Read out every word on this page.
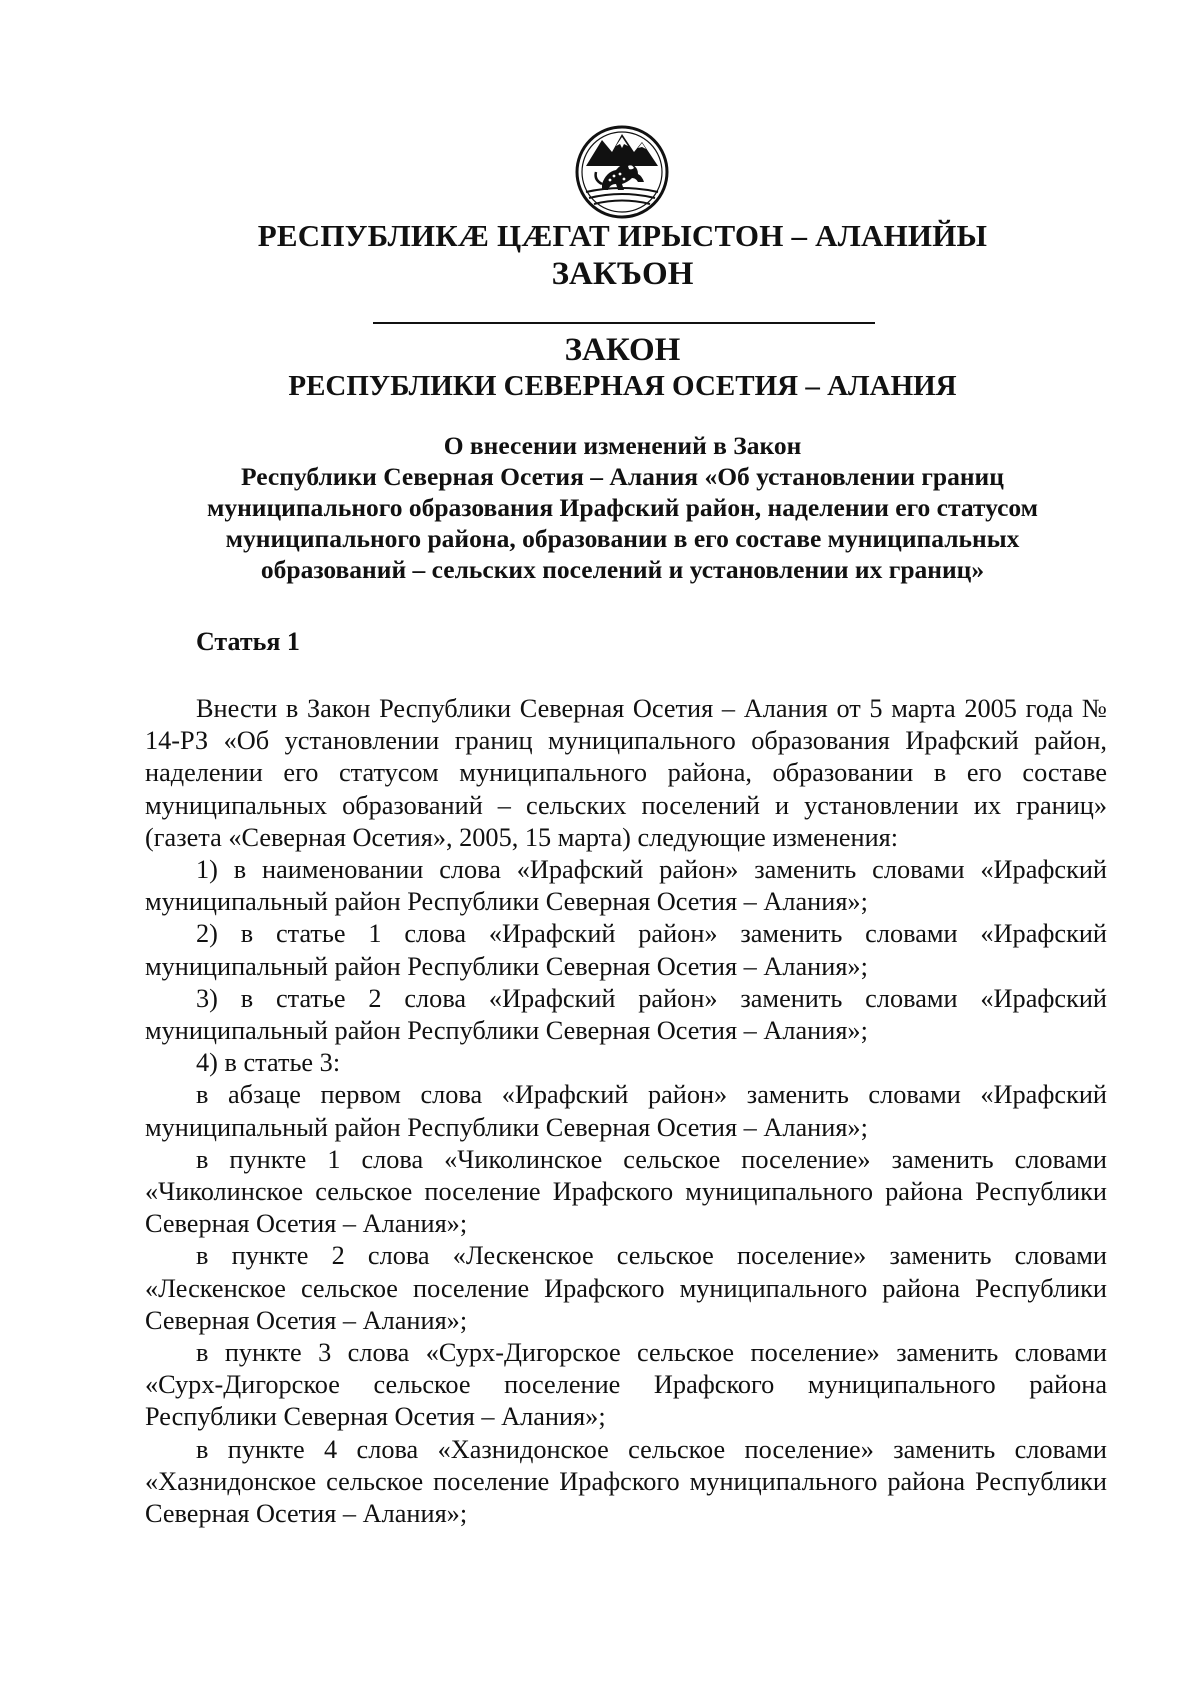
РЕСПУБЛИКӔ ЦӔГАТ ИРЫСТОН – АЛАНИЙЫ
ЗАКЪОН
ЗАКОН
РЕСПУБЛИКИ СЕВЕРНАЯ ОСЕТИЯ – АЛАНИЯ
О внесении изменений в Закон
Республики Северная Осетия – Алания «Об установлении границ
муниципального образования Ирафский район, наделении его статусом
муниципального района, образовании в его составе муниципальных
образований – сельских поселений и установлении их границ»
Статья 1

Внести в Закон Республики Северная Осетия – Алания от 5 марта 2005 года № 14-РЗ «Об установлении границ муниципального образования Ирафский район, наделении его статусом муниципального района, образовании в его составе муниципальных образований – сельских поселений и установлении их границ» (газета «Северная Осетия», 2005, 15 марта) следующие изменения:

1) в наименовании слова «Ирафский район» заменить словами «Ирафский муниципальный район Республики Северная Осетия – Алания»;

2) в статье 1 слова «Ирафский район» заменить словами «Ирафский муниципальный район Республики Северная Осетия – Алания»;

3) в статье 2 слова «Ирафский район» заменить словами «Ирафский муниципальный район Республики Северная Осетия – Алания»;

4) в статье 3:

в абзаце первом слова «Ирафский район» заменить словами «Ирафский муниципальный район Республики Северная Осетия – Алания»;

в пункте 1 слова «Чиколинское сельское поселение» заменить словами «Чиколинское сельское поселение Ирафского муниципального района Республики Северная Осетия – Алания»;

в пункте 2 слова «Лескенское сельское поселение» заменить словами «Лескенское сельское поселение Ирафского муниципального района Республики Северная Осетия – Алания»;

в пункте 3 слова «Сурх-Дигорское сельское поселение» заменить словами «Сурх-Дигорское сельское поселение Ирафского муниципального района Республики Северная Осетия – Алания»;

в пункте 4 слова «Хазнидонское сельское поселение» заменить словами «Хазнидонское сельское поселение Ирафского муниципального района Республики Северная Осетия – Алания»;
